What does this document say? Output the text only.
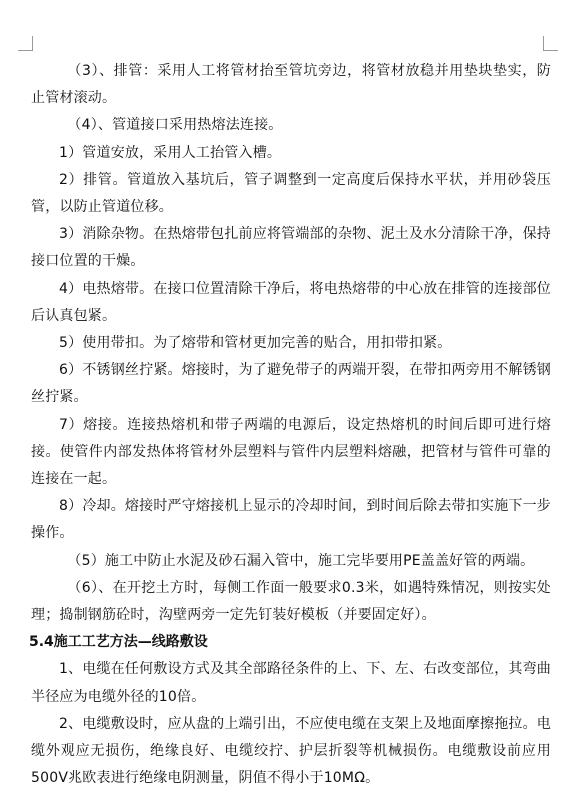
（3）、排管：采用人工将管材抬至管坑旁边，将管材放稳并用垫块垫实，防止管材滚动。

（4）、管道接口采用热熔法连接。

1）管道安放，采用人工抬管入槽。

2）排管。管道放入基坑后，管子调整到一定高度后保持水平状，并用砂袋压管，以防止管道位移。

3）消除杂物。在热熔带包扎前应将管端部的杂物、泥土及水分清除干净，保持接口位置的干燥。

4）电热熔带。在接口位置清除干净后，将电热熔带的中心放在排管的连接部位后认真包紧。

5）使用带扣。为了熔带和管材更加完善的贴合，用扣带扣紧。

6）不锈钢丝拧紧。熔接时，为了避免带子的两端开裂，在带扣两旁用不解锈钢丝拧紧。

7）熔接。连接热熔机和带子两端的电源后，设定热熔机的时间后即可进行熔接。使管件内部发热体将管材外层塑料与管件内层塑料熔融，把管材与管件可靠的连接在一起。

8）冷却。熔接时严守熔接机上显示的冷却时间，到时间后除去带扣实施下一步操作。

（5）施工中防止水泥及砂石漏入管中，施工完毕要用PE盖盖好管的两端。

（6）、在开挖土方时，每侧工作面一般要求0.3米，如遇特殊情况，则按实处理；捣制钢筋砼时，沟壁两旁一定先钉装好模板（并要固定好）。

5.4施工工艺方法—线路敷设

1、电缆在任何敷设方式及其全部路径条件的上、下、左、右改变部位，其弯曲半径应为电缆外径的10倍。

2、电缆敷设时，应从盘的上端引出，不应使电缆在支架上及地面摩擦拖拉。电缆外观应无损伤，绝缘良好、电缆绞拧、护层折裂等机械损伤。电缆敷设前应用500V兆欧表进行绝缘电阴测量，阴值不得小于10MΩ。
